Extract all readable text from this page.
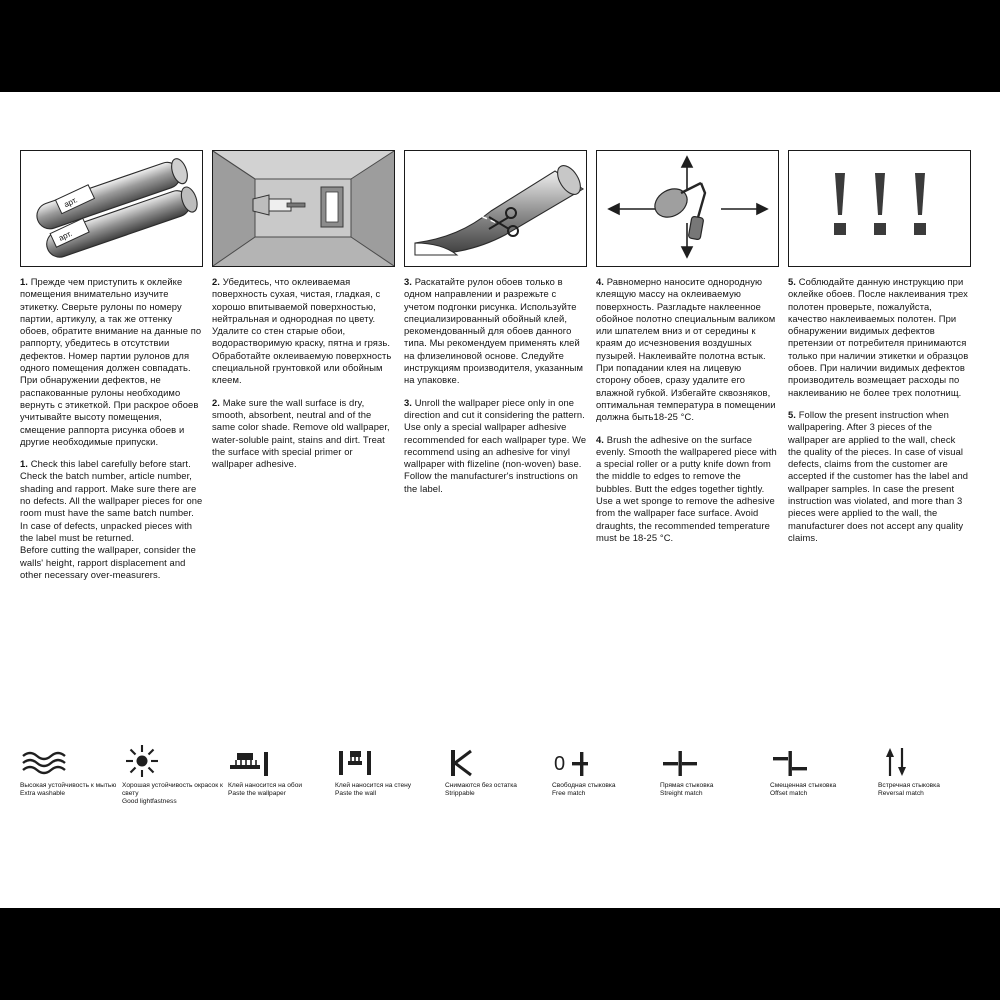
арт.
арт.
1. Прежде чем приступить к оклейке помещения внимательно изучите этикетку. Сверьте рулоны по номеру партии, артикулу, а так же оттенку обоев, обратите внимание на данные по раппорту, убедитесь в отсутствии дефектов. Номер партии рулонов для одного помещения должен совпадать.
При обнаружении дефектов, не распакованные рулоны необходимо вернуть с этикеткой. При раскрое обоев учитывайте высоту помещения, смещение раппорта рисунка обоев и другие необходимые припуски.
1. Check this label carefully before start. Check the batch number, article number, shading and rapport. Make sure there are no defects. All the wallpaper pieces for one room must have the same batch number. In case of defects, unpacked pieces with the label must be returned.
Before cutting the wallpaper, consider the walls' height, rapport displacement and other necessary over-measurers.
2. Убедитесь, что оклеиваемая поверхность сухая, чистая, гладкая, с хорошо впитываемой поверхностью, нейтральная и однородная по цвету. Удалите со стен старые обои, водорастворимую краску, пятна и грязь. Обработайте оклеиваемую поверхность специальной грунтовкой или обойным клеем.
2. Make sure the wall surface is dry, smooth, absorbent, neutral and of the same color shade. Remove old wallpaper, water-soluble paint, stains and dirt. Treat the surface with special primer or wallpaper adhesive.
3. Раскатайте рулон обоев только в одном направлении и разрежьте с учетом подгонки рисунка. Используйте специализированный обойный клей, рекомендованный для обоев данного типа. Мы рекомендуем применять клей на флизелиновой основе. Следуйте инструкциям производителя, указанным на упаковке.
3. Unroll the wallpaper piece only in one direction and cut it considering the pattern. Use only a special wallpaper adhesive recommended for each wallpaper type. We recommend using an adhesive for vinyl wallpaper with flizeline (non-woven) base. Follow the manufacturer's instructions on the label.
4. Равномерно наносите однородную клеящую массу на оклеиваемую поверхность. Разгладьте наклеенное обойное полотно специальным валиком или шпателем вниз и от середины к краям до исчезновения воздушных пузырей. Наклеивайте полотна встык. При попадании клея на лицевую сторону обоев, сразу удалите его влажной губкой. Избегайте сквозняков, оптимальная температура в помещении должна быть18-25 °C.
4. Brush the adhesive on the surface evenly. Smooth the wallpapered piece with a special roller or a putty knife down from the middle to edges to remove the bubbles. Butt the edges together tightly. Use a wet sponge to remove the adhesive from the wallpaper face surface. Avoid draughts, the recommended temperature must be 18-25 °C.
5. Соблюдайте данную инструкцию при оклейке обоев. После наклеивания трех полотен проверьте, пожалуйста, качество наклеиваемых полотен. При обнаружении видимых дефектов претензии от потребителя принимаются только при наличии этикетки и образцов обоев. При наличии видимых дефектов производитель возмещает расходы по наклеиванию не более трех полотнищ.
5. Follow the present instruction when wallpapering. After 3 pieces of the wallpaper are applied to the wall, check the quality of the pieces. In case of visual defects, claims from the customer are accepted if the customer has the label and wallpaper samples. In case the present instruction was violated, and more than 3 pieces were applied to the wall, the manufacturer does not accept any quality claims.
Высокая устойчивость к мытью
Extra washable
Хорошая устойчивость окрасок к свету
Good lightfastness
Клей наносится на обои
Paste the wallpaper
Клей наносится на стену
Paste the wall
Снимаются без остатка
Strippable
0
Свободная стыковка
Free match
Прямая стыковка
Streight match
Смещенная стыковка
Offset match
Встречная стыковка
Reversal match
